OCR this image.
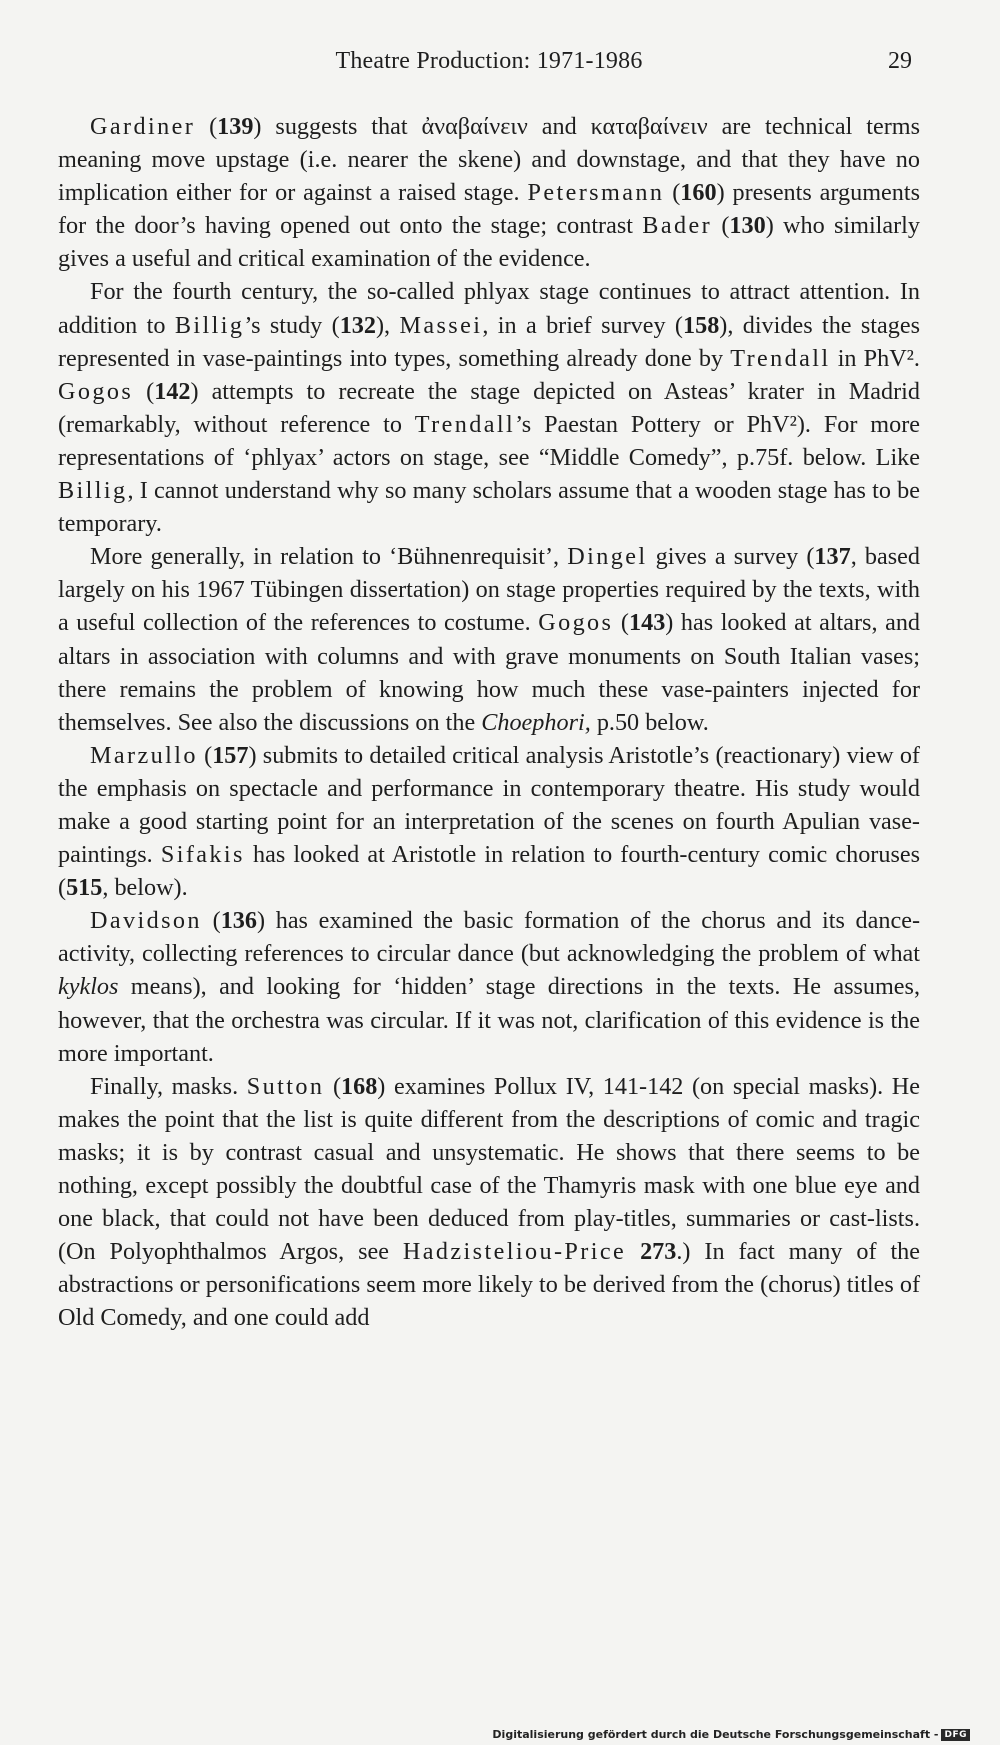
Theatre Production: 1971-1986	29

Gardiner (139) suggests that ἀναβαίνειν and καταβαίνειν are technical terms meaning move upstage (i.e. nearer the skene) and downstage, and that they have no implication either for or against a raised stage. Petersmann (160) presents arguments for the door’s having opened out onto the stage; contrast Bader (130) who similarly gives a useful and critical examination of the evidence.

For the fourth century, the so-called phlyax stage continues to attract attention. In addition to Billig’s study (132), Massei, in a brief survey (158), divides the stages represented in vase-paintings into types, something already done by Trendall in PhV². Gogos (142) attempts to recreate the stage depicted on Asteas’ krater in Madrid (remarkably, without reference to Trendall’s Paestan Pottery or PhV²). For more representations of ‘phlyax’ actors on stage, see “Middle Comedy”, p.75f. below. Like Billig, I cannot understand why so many scholars assume that a wooden stage has to be temporary.

More generally, in relation to ‘Bühnenrequisit’, Dingel gives a survey (137, based largely on his 1967 Tübingen dissertation) on stage properties required by the texts, with a useful collection of the references to costume. Gogos (143) has looked at altars, and altars in association with columns and with grave monuments on South Italian vases; there remains the problem of knowing how much these vase-painters injected for themselves. See also the discussions on the Choephori, p.50 below.

Marzullo (157) submits to detailed critical analysis Aristotle’s (reactionary) view of the emphasis on spectacle and performance in contemporary theatre. His study would make a good starting point for an interpretation of the scenes on fourth Apulian vase-paintings. Sifakis has looked at Aristotle in relation to fourth-century comic choruses (515, below).

Davidson (136) has examined the basic formation of the chorus and its dance-activity, collecting references to circular dance (but acknowledging the problem of what kyklos means), and looking for ‘hidden’ stage directions in the texts. He assumes, however, that the orchestra was circular. If it was not, clarification of this evidence is the more important.

Finally, masks. Sutton (168) examines Pollux IV, 141-142 (on special masks). He makes the point that the list is quite different from the descriptions of comic and tragic masks; it is by contrast casual and unsystematic. He shows that there seems to be nothing, except possibly the doubtful case of the Thamyris mask with one blue eye and one black, that could not have been deduced from play-titles, summaries or cast-lists. (On Polyophthalmos Argos, see Hadzisteliou-Price 273.) In fact many of the abstractions or personifications seem more likely to be derived from the (chorus) titles of Old Comedy, and one could add

Digitalisierung gefördert durch die Deutsche Forschungsgemeinschaft - DFG
